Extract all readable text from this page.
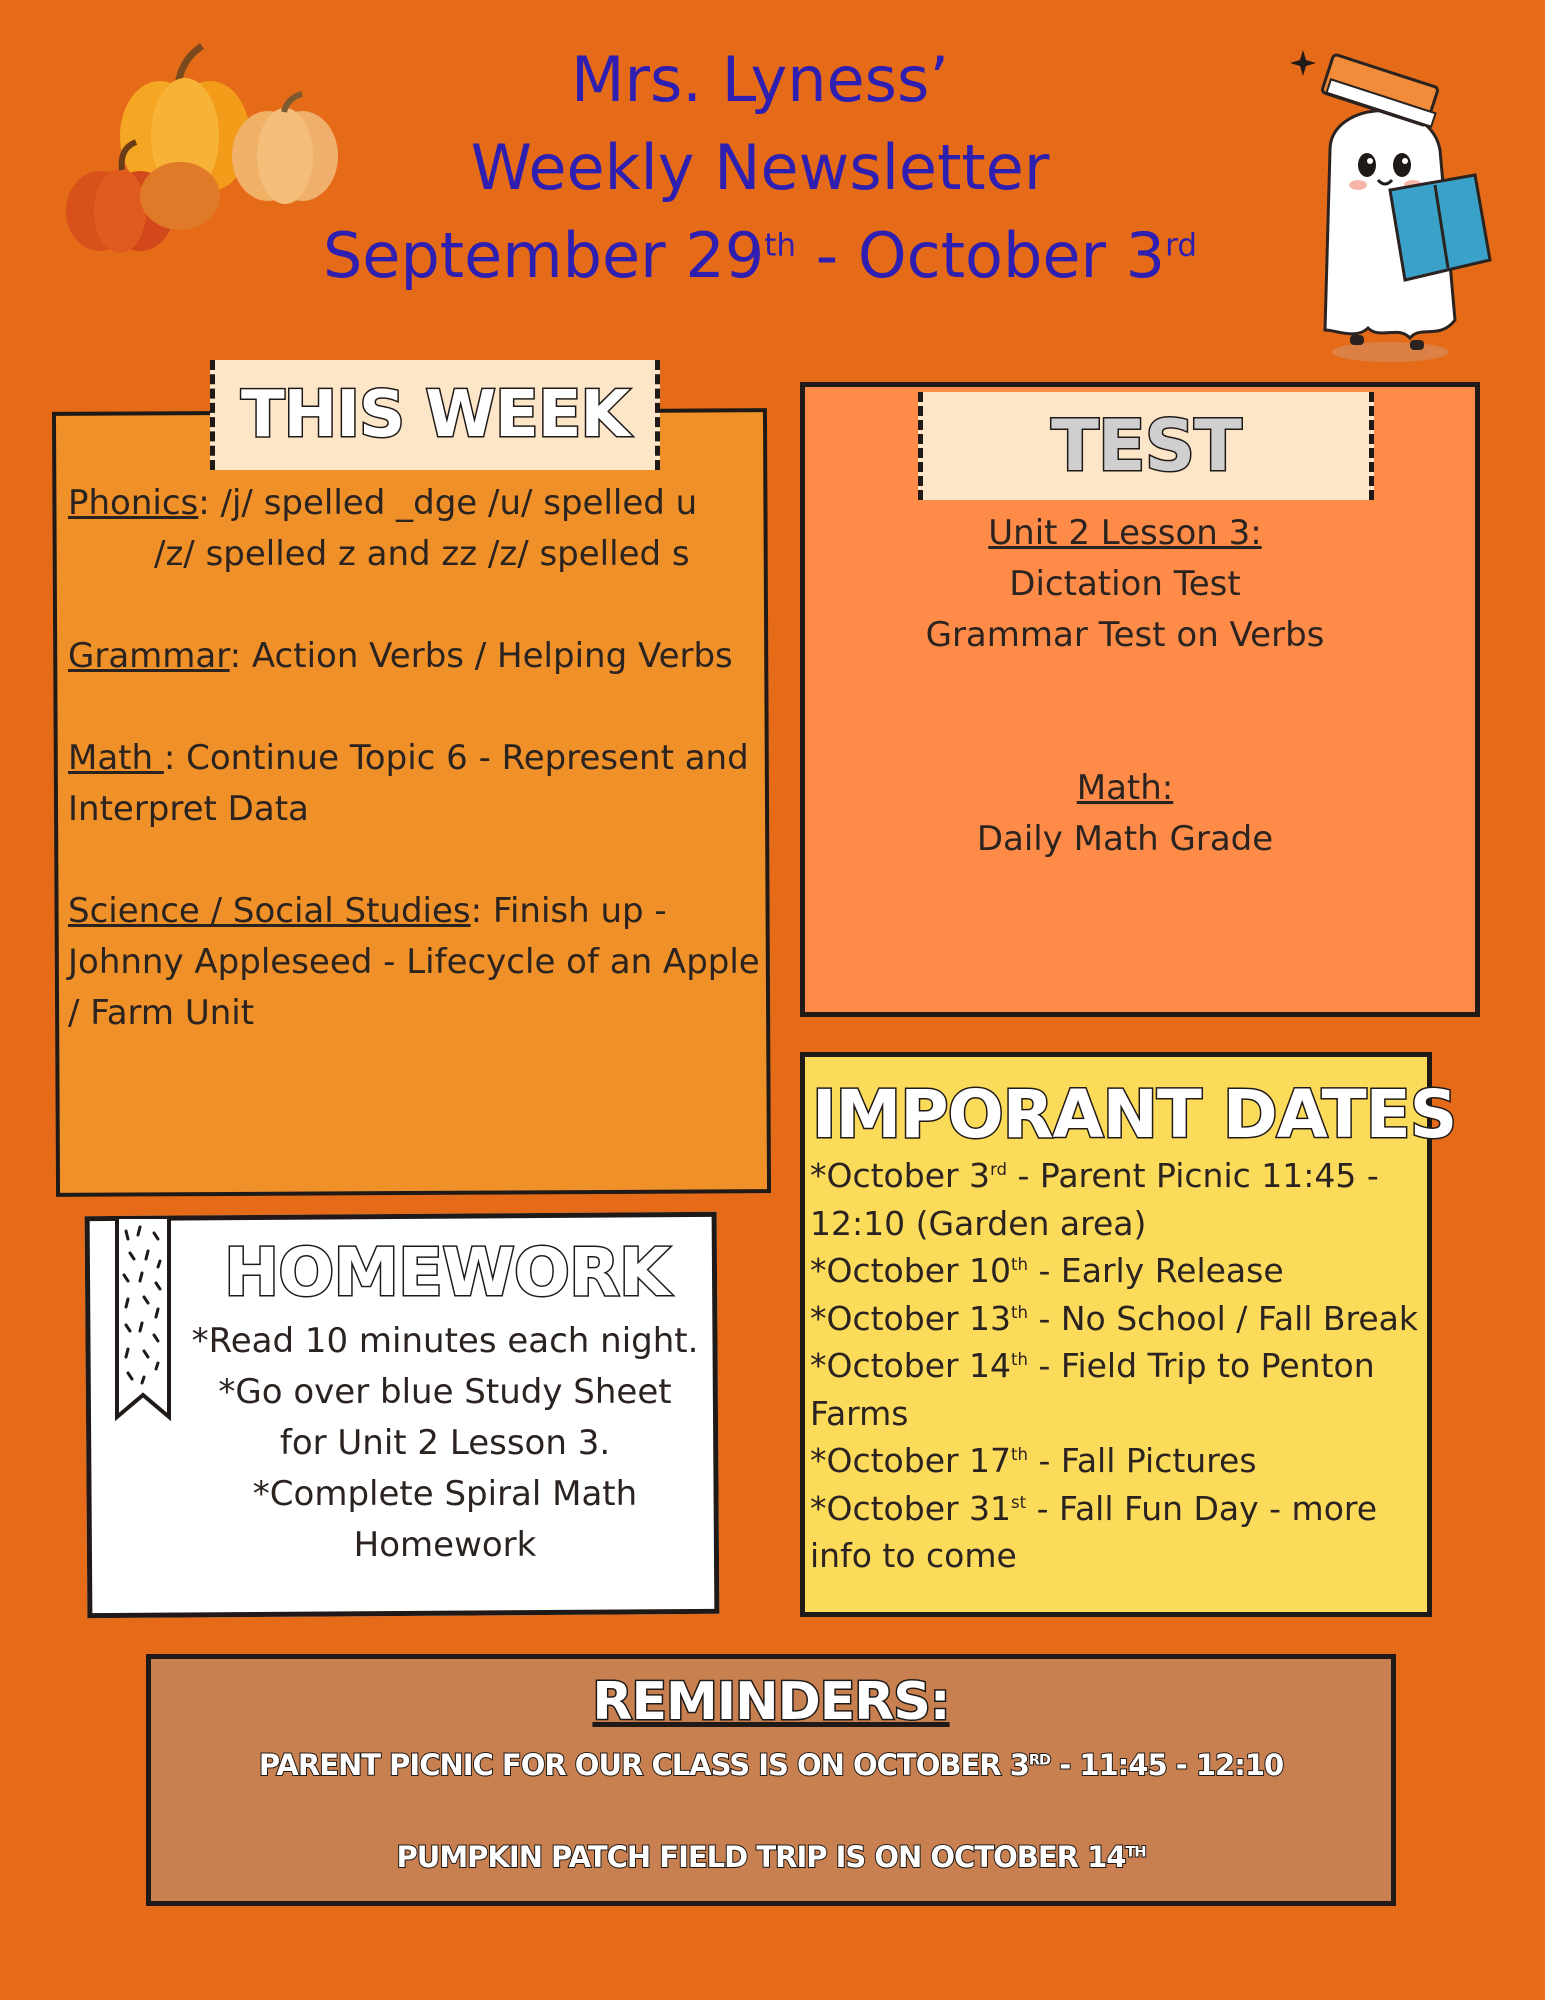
Mrs. Lyness’
Weekly Newsletter
September 29th - October 3rd
THIS WEEK

Phonics: /j/ spelled _dge /u/ spelled u
/z/ spelled z and zz /z/ spelled s

Grammar: Action Verbs / Helping Verbs

Math : Continue Topic 6 - Represent and Interpret Data

Science / Social Studies: Finish up -Johnny Appleseed - Lifecycle of an Apple / Farm Unit

TEST

Unit 2 Lesson 3:

Dictation Test

Grammar Test on Verbs

Math:

Daily Math Grade

IMPORANT DATES
*October 3rd - Parent Picnic 11:45 - 12:10 (Garden area)
*October 10th - Early Release
*October 13th - No School / Fall Break
*October 14th - Field Trip to Penton Farms
*October 17th - Fall Pictures
*October 31st - Fall Fun Day - more info to come
HOMEWORK
*Read 10 minutes each night.
*Go over blue Study Sheet
for Unit 2 Lesson 3.
*Complete Spiral Math
Homework
REMINDERS:
PARENT PICNIC FOR OUR CLASS IS ON OCTOBER 3RD - 11:45 - 12:10
PUMPKIN PATCH FIELD TRIP IS ON OCTOBER 14TH
